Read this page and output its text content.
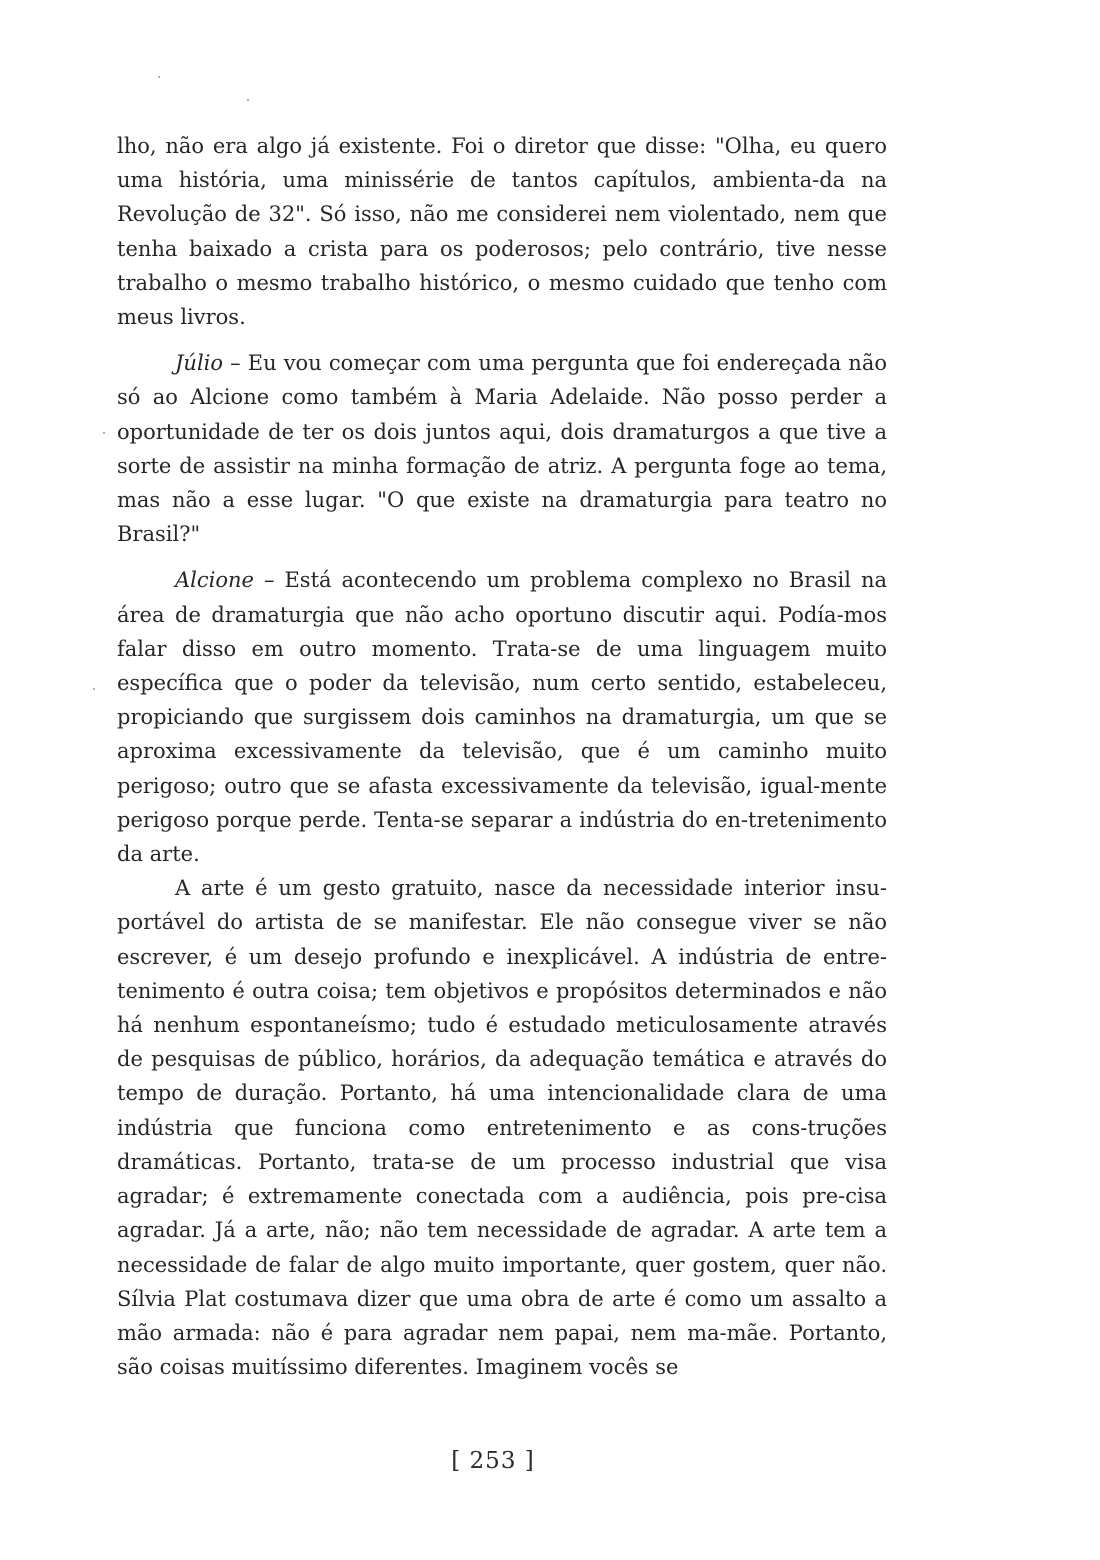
lho, não era algo já existente. Foi o diretor que disse: "Olha, eu quero uma história, uma minissérie de tantos capítulos, ambienta-da na Revolução de 32". Só isso, não me considerei nem violentado, nem que tenha baixado a crista para os poderosos; pelo contrário, tive nesse trabalho o mesmo trabalho histórico, o mesmo cuidado que tenho com meus livros.

Júlio – Eu vou começar com uma pergunta que foi endereçada não só ao Alcione como também à Maria Adelaide. Não posso perder a oportunidade de ter os dois juntos aqui, dois dramaturgos a que tive a sorte de assistir na minha formação de atriz. A pergunta foge ao tema, mas não a esse lugar. "O que existe na dramaturgia para teatro no Brasil?"

Alcione – Está acontecendo um problema complexo no Brasil na área de dramaturgia que não acho oportuno discutir aqui. Podía-mos falar disso em outro momento. Trata-se de uma linguagem muito específica que o poder da televisão, num certo sentido, estabeleceu, propiciando que surgissem dois caminhos na dramaturgia, um que se aproxima excessivamente da televisão, que é um caminho muito perigoso; outro que se afasta excessivamente da televisão, igual-mente perigoso porque perde. Tenta-se separar a indústria do en-tretenimento da arte.

A arte é um gesto gratuito, nasce da necessidade interior insu-portável do artista de se manifestar. Ele não consegue viver se não escrever, é um desejo profundo e inexplicável. A indústria de entre-tenimento é outra coisa; tem objetivos e propósitos determinados e não há nenhum espontaneísmo; tudo é estudado meticulosamente através de pesquisas de público, horários, da adequação temática e através do tempo de duração. Portanto, há uma intencionalidade clara de uma indústria que funciona como entretenimento e as cons-truções dramáticas. Portanto, trata-se de um processo industrial que visa agradar; é extremamente conectada com a audiência, pois pre-cisa agradar. Já a arte, não; não tem necessidade de agradar. A arte tem a necessidade de falar de algo muito importante, quer gostem, quer não. Sílvia Plat costumava dizer que uma obra de arte é como um assalto a mão armada: não é para agradar nem papai, nem ma-mãe. Portanto, são coisas muitíssimo diferentes. Imaginem vocês se

[ 253 ]
